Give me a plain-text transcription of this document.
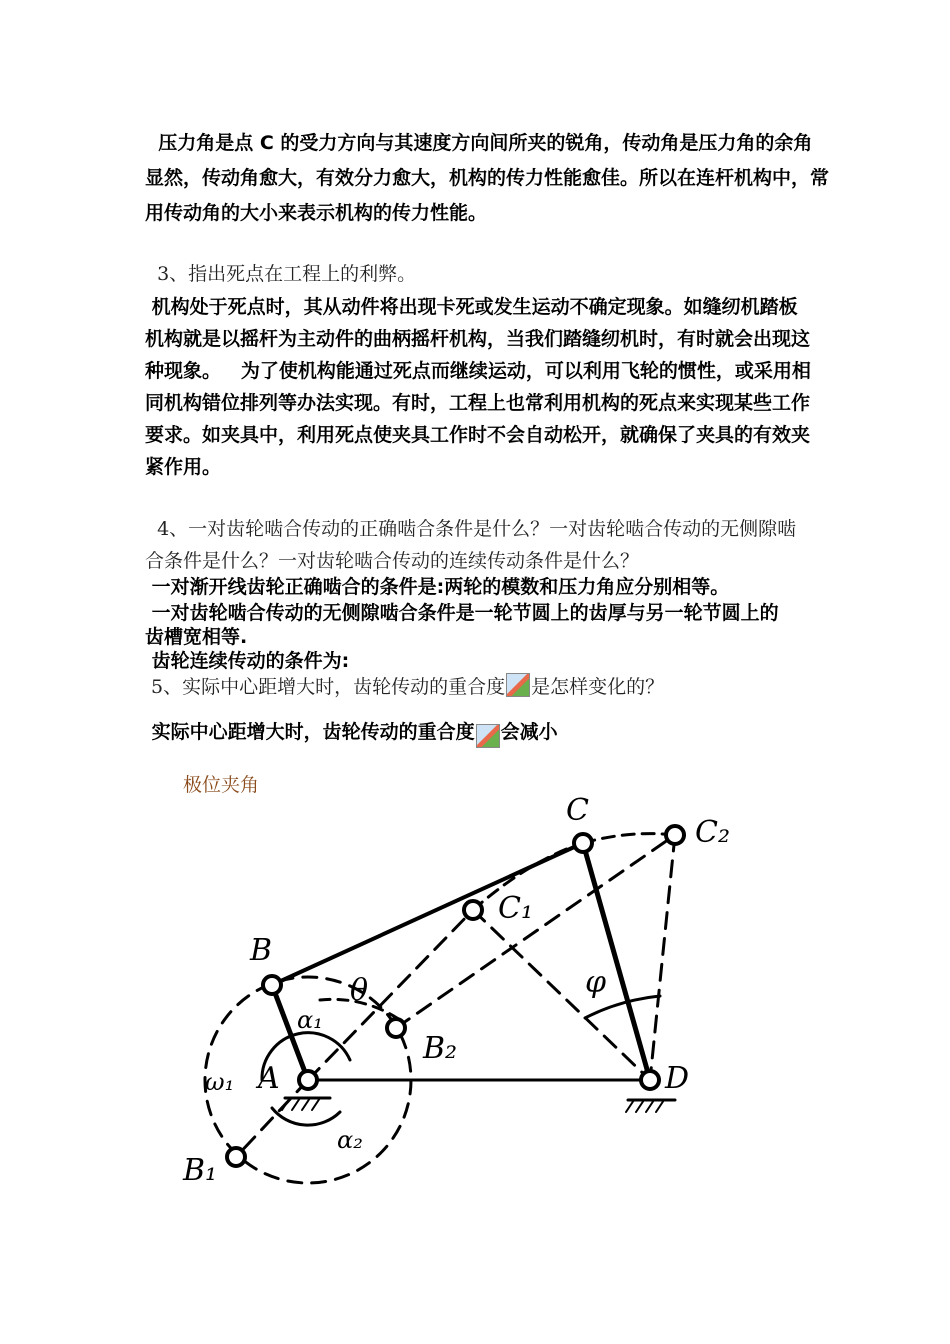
压力角是点 C 的受力方向与其速度方向间所夹的锐角，传动角是压力角的余角
显然，传动角愈大，有效分力愈大，机构的传力性能愈佳。所以在连杆机构中，常
用传动角的大小来表示机构的传力性能。
3、指出死点在工程上的利弊。
机构处于死点时，其从动件将出现卡死或发生运动不确定现象。如缝纫机踏板
机构就是以摇杆为主动件的曲柄摇杆机构，当我们踏缝纫机时，有时就会出现这
种现象。   为了使机构能通过死点而继续运动，可以利用飞轮的惯性，或采用相
同机构错位排列等办法实现。有时，工程上也常利用机构的死点来实现某些工作
要求。如夹具中，利用死点使夹具工作时不会自动松开，就确保了夹具的有效夹
紧作用。
4、一对齿轮啮合传动的正确啮合条件是什么？一对齿轮啮合传动的无侧隙啮
合条件是什么？一对齿轮啮合传动的连续传动条件是什么？
一对渐开线齿轮正确啮合的条件是:两轮的模数和压力角应分别相等。
一对齿轮啮合传动的无侧隙啮合条件是一轮节圆上的齿厚与另一轮节圆上的
齿槽宽相等.
齿轮连续传动的条件为:
5、实际中心距增大时，齿轮传动的重合度 是怎样变化的？
实际中心距增大时，齿轮传动的重合度 会减小
极位夹角
C
C₂
C₁
B
θ	φ
α₁
B₂
ω₁ A	D
α₂
B₁
